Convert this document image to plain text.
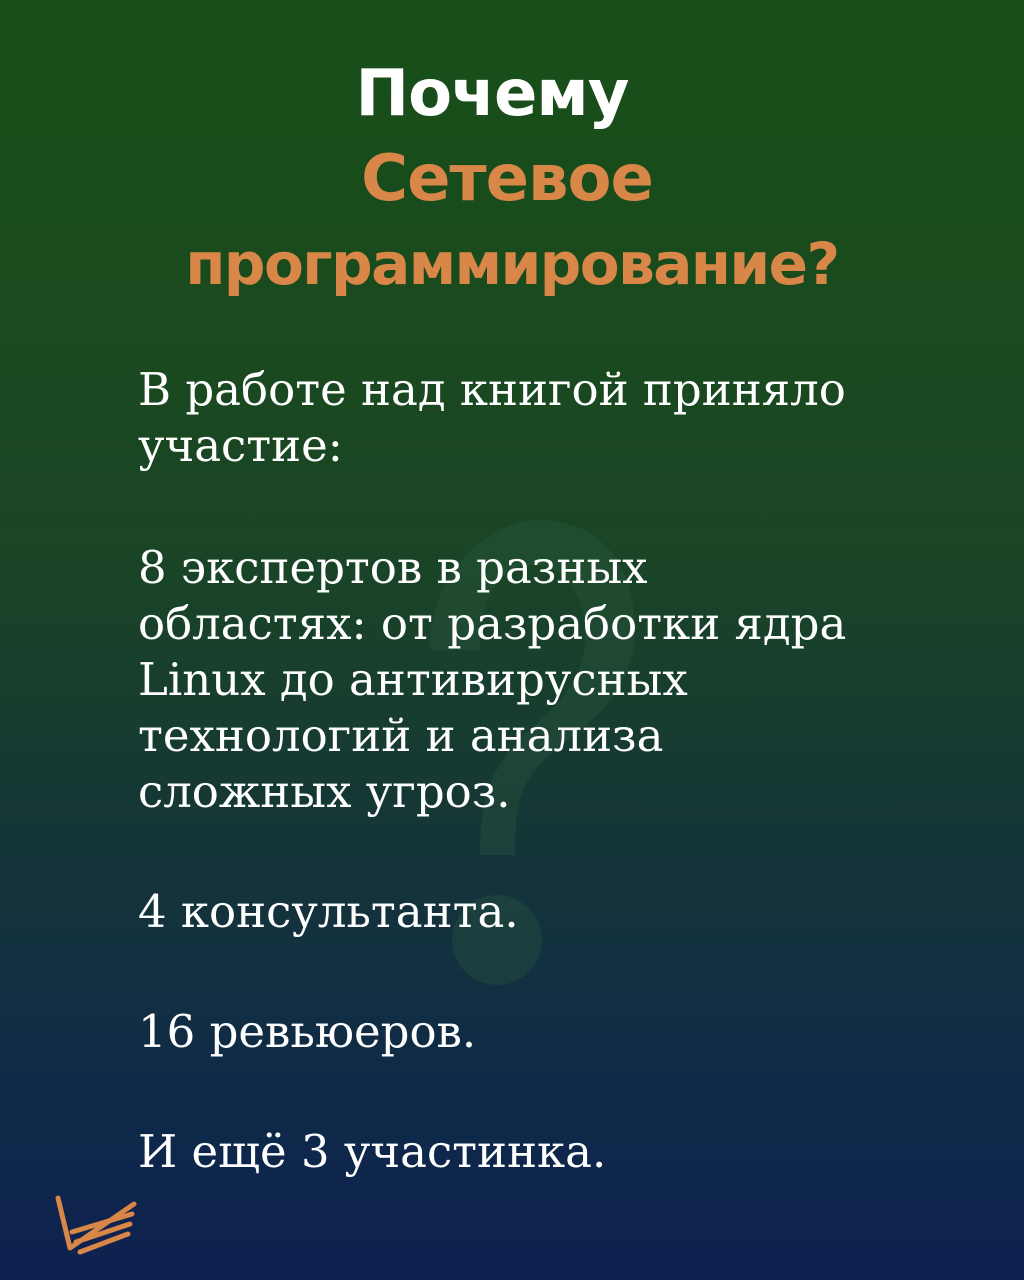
Почему
Сетевое
программирование?

В работе над книгой приняло
участие:

8 экспертов в разных
областях: от разработки ядра
Linux до антивирусных
технологий и анализа
сложных угроз.

4 консультанта.

16 ревьюеров.

И ещё 3 участинка.
